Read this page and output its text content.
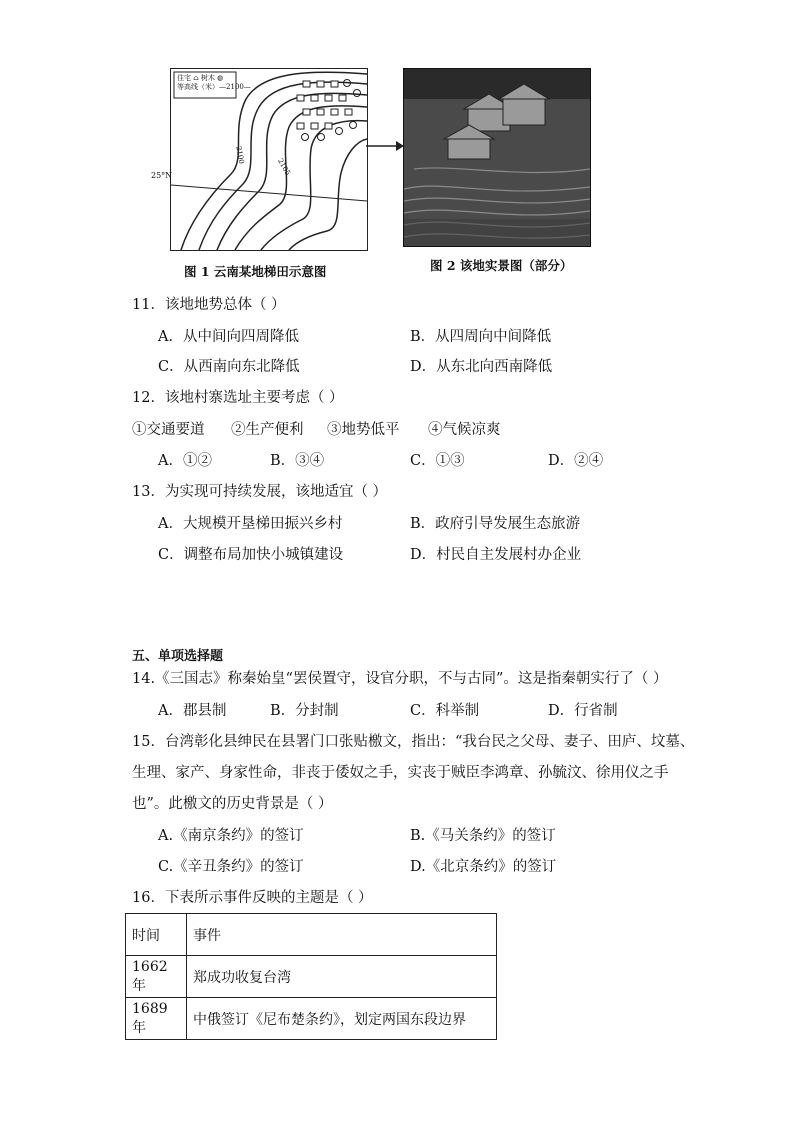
住宅 ⌂ 树木 ◍
等高线（米）—2100—
25°N
2100
2105
图 1 云南某地梯田示意图	图 2 该地实景图（部分）
11．该地地势总体（ ）
A．从中间向四周降低	B．从四周向中间降低
C．从西南向东北降低	D．从东北向西南降低
12．该地村寨选址主要考虑（ ）
①交通要道 ②生产便利 ③地势低平 ④气候凉爽
A．①②	B．③④	C．①③	D．②④
13．为实现可持续发展，该地适宜（ ）
A．大规模开垦梯田振兴乡村	B．政府引导发展生态旅游
C．调整布局加快小城镇建设	D．村民自主发展村办企业
五、单项选择题
14.《三国志》称秦始皇“罢侯置守，设官分职，不与古同”。这是指秦朝实行了（ ）
A．郡县制	B．分封制	C．科举制	D．行省制
15．台湾彰化县绅民在县署门口张贴檄文，指出：“我台民之父母、妻子、田庐、坟墓、
生理、家产、身家性命，非丧于倭奴之手，实丧于贼臣李鸿章、孙毓汶、徐用仪之手
也”。此檄文的历史背景是（ ）
A.《南京条约》的签订	B.《马关条约》的签订
C.《辛丑条约》的签订	D.《北京条约》的签订
16．下表所示事件反映的主题是（ ）
时间	事件
1662 年	郑成功收复台湾
1689 年	中俄签订《尼布楚条约》，划定两国东段边界
